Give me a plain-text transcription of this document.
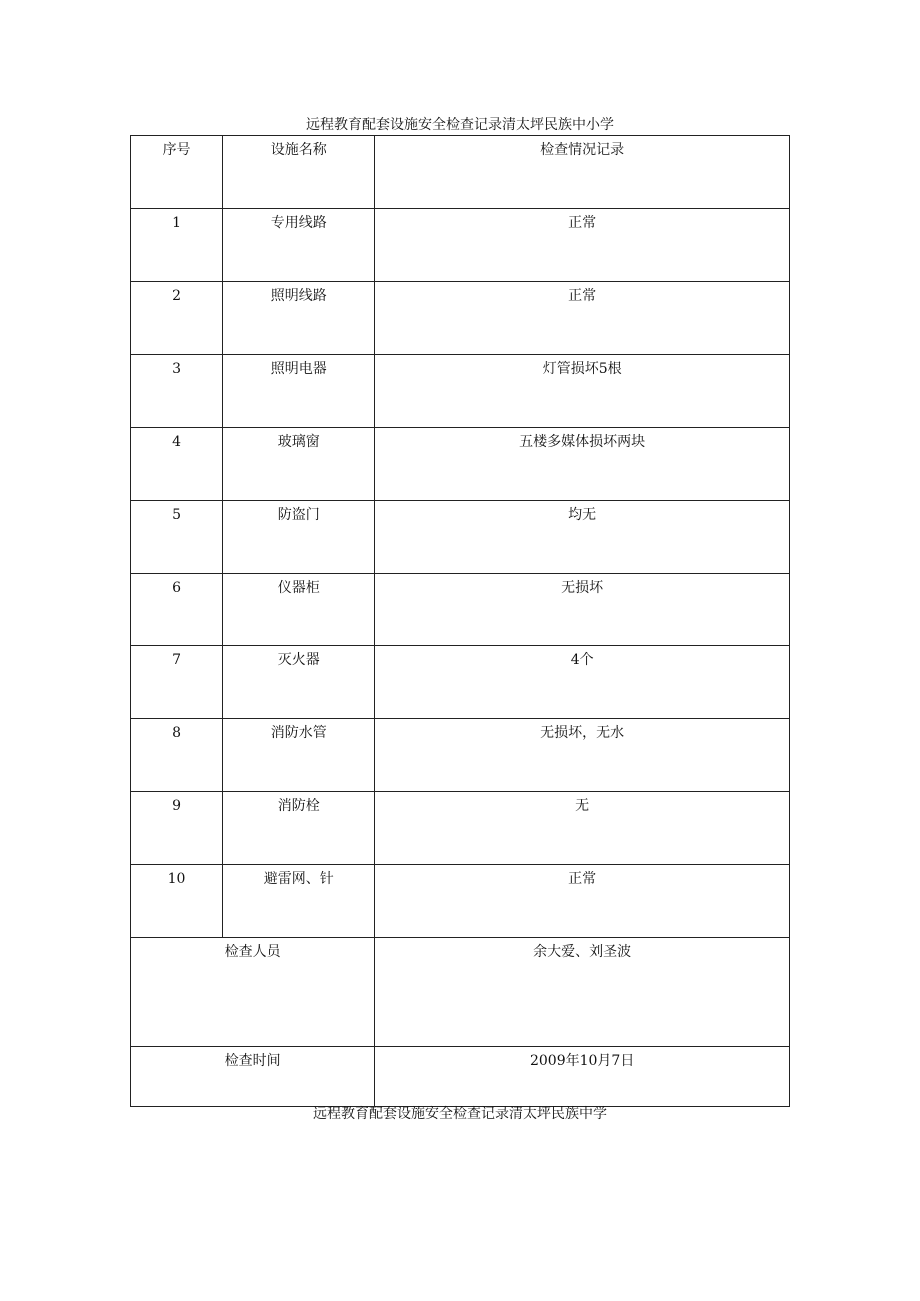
远程教育配套设施安全检查记录清太坪民族中小学
序号	设施名称	检查情况记录
1	专用线路	正常
2	照明线路	正常
3	照明电器	灯管损坏5根
4	玻璃窗	五楼多媒体损坏两块
5	防盗门	均无
6	仪器柜	无损坏
7	灭火器	4个
8	消防水管	无损坏，无水
9	消防栓	无
10	避雷网、针	正常
检查人员		余大爱、刘圣波
检查时间		2009年10月7日
远程教育配套设施安全检查记录清太坪民族中学
